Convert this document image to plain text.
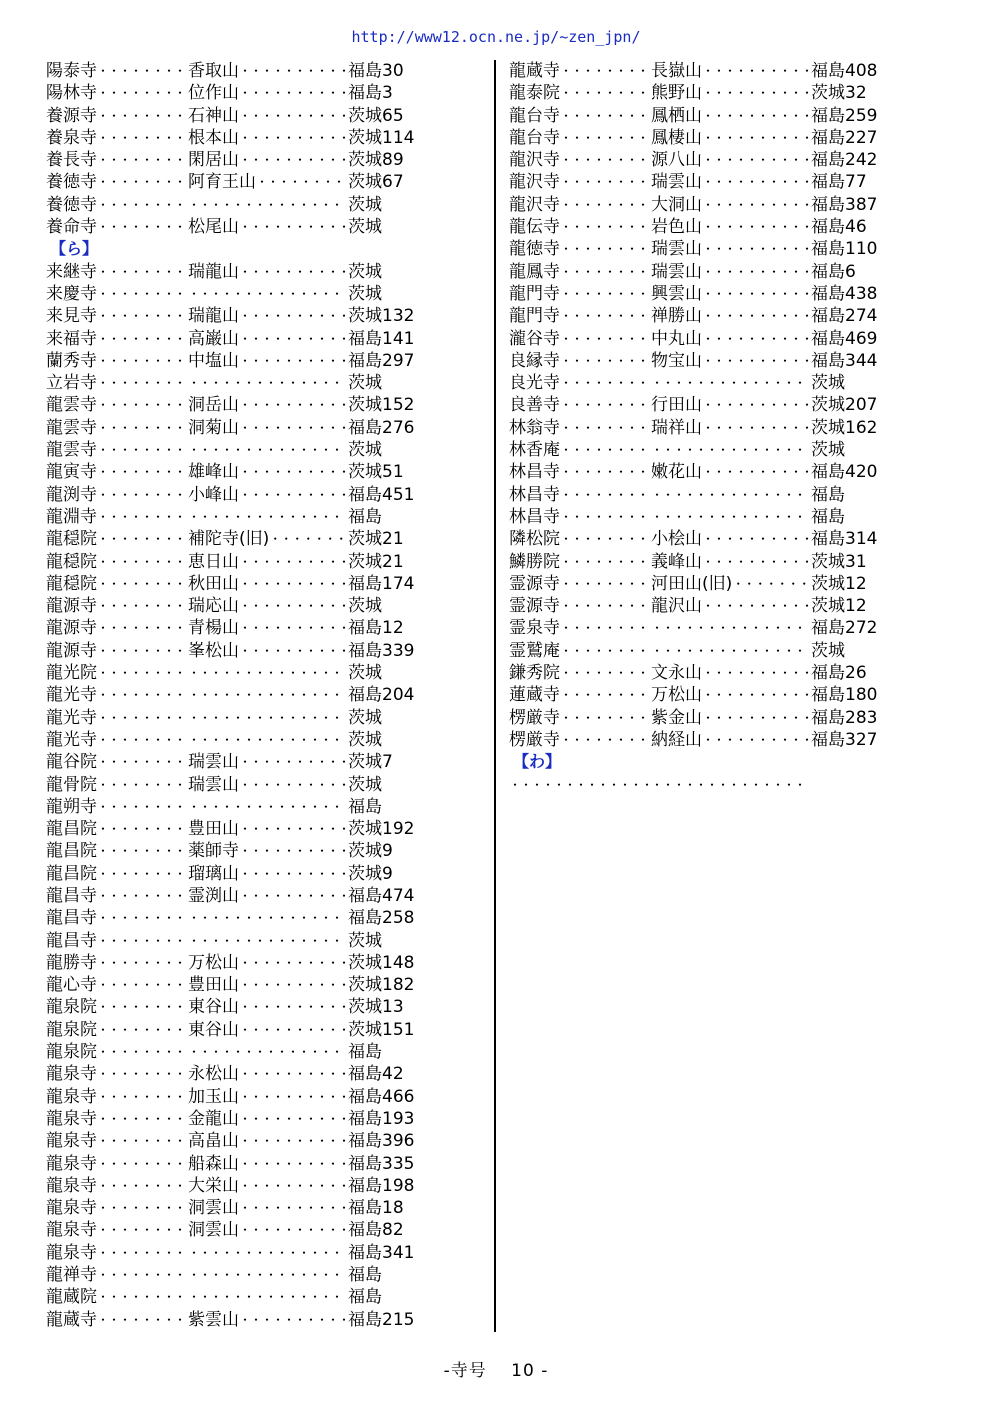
http://www12.ocn.ne.jp/~zen_jpn/
陽泰寺 ・・・・・・・・・・・・・・・・・・・・	香取山 ・・・・・・・・・・・・・・・・・・・・	福島30
陽林寺 ・・・・・・・・・・・・・・・・・・・・	位作山 ・・・・・・・・・・・・・・・・・・・・	福島3
養源寺 ・・・・・・・・・・・・・・・・・・・・	石神山 ・・・・・・・・・・・・・・・・・・・・	茨城65
養泉寺 ・・・・・・・・・・・・・・・・・・・・	根本山 ・・・・・・・・・・・・・・・・・・・・	茨城114
養長寺 ・・・・・・・・・・・・・・・・・・・・	閑居山 ・・・・・・・・・・・・・・・・・・・・	茨城89
養徳寺 ・・・・・・・・・・・・・・・・・・・・	阿育王山 ・・・・・・・・・・・・・・・・・・・・	茨城67
養徳寺 ・・・・・・・・・・・・・・・・・・・・ ・・・・・・・・・・・・・・・・・・・・	茨城
養命寺 ・・・・・・・・・・・・・・・・・・・・	松尾山 ・・・・・・・・・・・・・・・・・・・・	茨城
【ら】
来継寺 ・・・・・・・・・・・・・・・・・・・・	瑞龍山 ・・・・・・・・・・・・・・・・・・・・	茨城
来慶寺 ・・・・・・・・・・・・・・・・・・・・ ・・・・・・・・・・・・・・・・・・・・	茨城
来見寺 ・・・・・・・・・・・・・・・・・・・・	瑞龍山 ・・・・・・・・・・・・・・・・・・・・	茨城132
来福寺 ・・・・・・・・・・・・・・・・・・・・	高巌山 ・・・・・・・・・・・・・・・・・・・・	福島141
蘭秀寺 ・・・・・・・・・・・・・・・・・・・・	中塩山 ・・・・・・・・・・・・・・・・・・・・	福島297
立岩寺 ・・・・・・・・・・・・・・・・・・・・ ・・・・・・・・・・・・・・・・・・・・	茨城
龍雲寺 ・・・・・・・・・・・・・・・・・・・・	洞岳山 ・・・・・・・・・・・・・・・・・・・・	茨城152
龍雲寺 ・・・・・・・・・・・・・・・・・・・・	洞菊山 ・・・・・・・・・・・・・・・・・・・・	福島276
龍雲寺 ・・・・・・・・・・・・・・・・・・・・ ・・・・・・・・・・・・・・・・・・・・	茨城
龍寅寺 ・・・・・・・・・・・・・・・・・・・・	雄峰山 ・・・・・・・・・・・・・・・・・・・・	茨城51
龍渕寺 ・・・・・・・・・・・・・・・・・・・・	小峰山 ・・・・・・・・・・・・・・・・・・・・	福島451
龍淵寺 ・・・・・・・・・・・・・・・・・・・・ ・・・・・・・・・・・・・・・・・・・・	福島
龍穏院 ・・・・・・・・・・・・・・・・・・・・	補陀寺(旧) ・・・・・・・・・・・・・・・・・・・・	茨城21
龍穏院 ・・・・・・・・・・・・・・・・・・・・	恵日山 ・・・・・・・・・・・・・・・・・・・・	茨城21
龍穏院 ・・・・・・・・・・・・・・・・・・・・	秋田山 ・・・・・・・・・・・・・・・・・・・・	福島174
龍源寺 ・・・・・・・・・・・・・・・・・・・・	瑞応山 ・・・・・・・・・・・・・・・・・・・・	茨城
龍源寺 ・・・・・・・・・・・・・・・・・・・・	青楊山 ・・・・・・・・・・・・・・・・・・・・	福島12
龍源寺 ・・・・・・・・・・・・・・・・・・・・	峯松山 ・・・・・・・・・・・・・・・・・・・・	福島339
龍光院 ・・・・・・・・・・・・・・・・・・・・ ・・・・・・・・・・・・・・・・・・・・	茨城
龍光寺 ・・・・・・・・・・・・・・・・・・・・ ・・・・・・・・・・・・・・・・・・・・	福島204
龍光寺 ・・・・・・・・・・・・・・・・・・・・ ・・・・・・・・・・・・・・・・・・・・	茨城
龍光寺 ・・・・・・・・・・・・・・・・・・・・ ・・・・・・・・・・・・・・・・・・・・	茨城
龍谷院 ・・・・・・・・・・・・・・・・・・・・	瑞雲山 ・・・・・・・・・・・・・・・・・・・・	茨城7
龍骨院 ・・・・・・・・・・・・・・・・・・・・	瑞雲山 ・・・・・・・・・・・・・・・・・・・・	茨城
龍朔寺 ・・・・・・・・・・・・・・・・・・・・ ・・・・・・・・・・・・・・・・・・・・	福島
龍昌院 ・・・・・・・・・・・・・・・・・・・・	豊田山 ・・・・・・・・・・・・・・・・・・・・	茨城192
龍昌院 ・・・・・・・・・・・・・・・・・・・・	薬師寺 ・・・・・・・・・・・・・・・・・・・・	茨城9
龍昌院 ・・・・・・・・・・・・・・・・・・・・	瑠璃山 ・・・・・・・・・・・・・・・・・・・・	茨城9
龍昌寺 ・・・・・・・・・・・・・・・・・・・・	霊渕山 ・・・・・・・・・・・・・・・・・・・・	福島474
龍昌寺 ・・・・・・・・・・・・・・・・・・・・ ・・・・・・・・・・・・・・・・・・・・	福島258
龍昌寺 ・・・・・・・・・・・・・・・・・・・・ ・・・・・・・・・・・・・・・・・・・・	茨城
龍勝寺 ・・・・・・・・・・・・・・・・・・・・	万松山 ・・・・・・・・・・・・・・・・・・・・	茨城148
龍心寺 ・・・・・・・・・・・・・・・・・・・・	豊田山 ・・・・・・・・・・・・・・・・・・・・	茨城182
龍泉院 ・・・・・・・・・・・・・・・・・・・・	東谷山 ・・・・・・・・・・・・・・・・・・・・	茨城13
龍泉院 ・・・・・・・・・・・・・・・・・・・・	東谷山 ・・・・・・・・・・・・・・・・・・・・	茨城151
龍泉院 ・・・・・・・・・・・・・・・・・・・・ ・・・・・・・・・・・・・・・・・・・・	福島
龍泉寺 ・・・・・・・・・・・・・・・・・・・・	永松山 ・・・・・・・・・・・・・・・・・・・・	福島42
龍泉寺 ・・・・・・・・・・・・・・・・・・・・	加玉山 ・・・・・・・・・・・・・・・・・・・・	福島466
龍泉寺 ・・・・・・・・・・・・・・・・・・・・	金龍山 ・・・・・・・・・・・・・・・・・・・・	福島193
龍泉寺 ・・・・・・・・・・・・・・・・・・・・	高畠山 ・・・・・・・・・・・・・・・・・・・・	福島396
龍泉寺 ・・・・・・・・・・・・・・・・・・・・	船森山 ・・・・・・・・・・・・・・・・・・・・	福島335
龍泉寺 ・・・・・・・・・・・・・・・・・・・・	大栄山 ・・・・・・・・・・・・・・・・・・・・	福島198
龍泉寺 ・・・・・・・・・・・・・・・・・・・・	洞雲山 ・・・・・・・・・・・・・・・・・・・・	福島18
龍泉寺 ・・・・・・・・・・・・・・・・・・・・	洞雲山 ・・・・・・・・・・・・・・・・・・・・	福島82
龍泉寺 ・・・・・・・・・・・・・・・・・・・・ ・・・・・・・・・・・・・・・・・・・・	福島341
龍禅寺 ・・・・・・・・・・・・・・・・・・・・ ・・・・・・・・・・・・・・・・・・・・	福島
龍蔵院 ・・・・・・・・・・・・・・・・・・・・ ・・・・・・・・・・・・・・・・・・・・	福島
龍蔵寺 ・・・・・・・・・・・・・・・・・・・・	紫雲山 ・・・・・・・・・・・・・・・・・・・・	福島215
龍蔵寺 ・・・・・・・・・・・・・・・・・・・・	長嶽山 ・・・・・・・・・・・・・・・・・・・・	福島408
龍泰院 ・・・・・・・・・・・・・・・・・・・・	熊野山 ・・・・・・・・・・・・・・・・・・・・	茨城32
龍台寺 ・・・・・・・・・・・・・・・・・・・・	鳳栖山 ・・・・・・・・・・・・・・・・・・・・	福島259
龍台寺 ・・・・・・・・・・・・・・・・・・・・	鳳棲山 ・・・・・・・・・・・・・・・・・・・・	福島227
龍沢寺 ・・・・・・・・・・・・・・・・・・・・	源八山 ・・・・・・・・・・・・・・・・・・・・	福島242
龍沢寺 ・・・・・・・・・・・・・・・・・・・・	瑞雲山 ・・・・・・・・・・・・・・・・・・・・	福島77
龍沢寺 ・・・・・・・・・・・・・・・・・・・・	大洞山 ・・・・・・・・・・・・・・・・・・・・	福島387
龍伝寺 ・・・・・・・・・・・・・・・・・・・・	岩色山 ・・・・・・・・・・・・・・・・・・・・	福島46
龍徳寺 ・・・・・・・・・・・・・・・・・・・・	瑞雲山 ・・・・・・・・・・・・・・・・・・・・	福島110
龍鳳寺 ・・・・・・・・・・・・・・・・・・・・	瑞雲山 ・・・・・・・・・・・・・・・・・・・・	福島6
龍門寺 ・・・・・・・・・・・・・・・・・・・・	興雲山 ・・・・・・・・・・・・・・・・・・・・	福島438
龍門寺 ・・・・・・・・・・・・・・・・・・・・	禅勝山 ・・・・・・・・・・・・・・・・・・・・	福島274
瀧谷寺 ・・・・・・・・・・・・・・・・・・・・	中丸山 ・・・・・・・・・・・・・・・・・・・・	福島469
良縁寺 ・・・・・・・・・・・・・・・・・・・・	物宝山 ・・・・・・・・・・・・・・・・・・・・	福島344
良光寺 ・・・・・・・・・・・・・・・・・・・・ ・・・・・・・・・・・・・・・・・・・・	茨城
良善寺 ・・・・・・・・・・・・・・・・・・・・	行田山 ・・・・・・・・・・・・・・・・・・・・	茨城207
林翁寺 ・・・・・・・・・・・・・・・・・・・・	瑞祥山 ・・・・・・・・・・・・・・・・・・・・	茨城162
林香庵 ・・・・・・・・・・・・・・・・・・・・ ・・・・・・・・・・・・・・・・・・・・	茨城
林昌寺 ・・・・・・・・・・・・・・・・・・・・	嫩花山 ・・・・・・・・・・・・・・・・・・・・	福島420
林昌寺 ・・・・・・・・・・・・・・・・・・・・ ・・・・・・・・・・・・・・・・・・・・	福島
林昌寺 ・・・・・・・・・・・・・・・・・・・・ ・・・・・・・・・・・・・・・・・・・・	福島
隣松院 ・・・・・・・・・・・・・・・・・・・・	小桧山 ・・・・・・・・・・・・・・・・・・・・	福島314
鱗勝院 ・・・・・・・・・・・・・・・・・・・・	義峰山 ・・・・・・・・・・・・・・・・・・・・	茨城31
霊源寺 ・・・・・・・・・・・・・・・・・・・・	河田山(旧) ・・・・・・・・・・・・・・・・・・・・	茨城12
霊源寺 ・・・・・・・・・・・・・・・・・・・・	龍沢山 ・・・・・・・・・・・・・・・・・・・・	茨城12
霊泉寺 ・・・・・・・・・・・・・・・・・・・・ ・・・・・・・・・・・・・・・・・・・・	福島272
霊鷲庵 ・・・・・・・・・・・・・・・・・・・・ ・・・・・・・・・・・・・・・・・・・・	茨城
鎌秀院 ・・・・・・・・・・・・・・・・・・・・	文永山 ・・・・・・・・・・・・・・・・・・・・	福島26
蓮蔵寺 ・・・・・・・・・・・・・・・・・・・・	万松山 ・・・・・・・・・・・・・・・・・・・・	福島180
楞厳寺 ・・・・・・・・・・・・・・・・・・・・	紫金山 ・・・・・・・・・・・・・・・・・・・・	福島283
楞厳寺 ・・・・・・・・・・・・・・・・・・・・	納経山 ・・・・・・・・・・・・・・・・・・・・	福島327
【わ】
・・・・・・・・・・・・・・・・・・・・
・・・・・・・・・・・・・・・・・・・・
-寺号　 10 -
